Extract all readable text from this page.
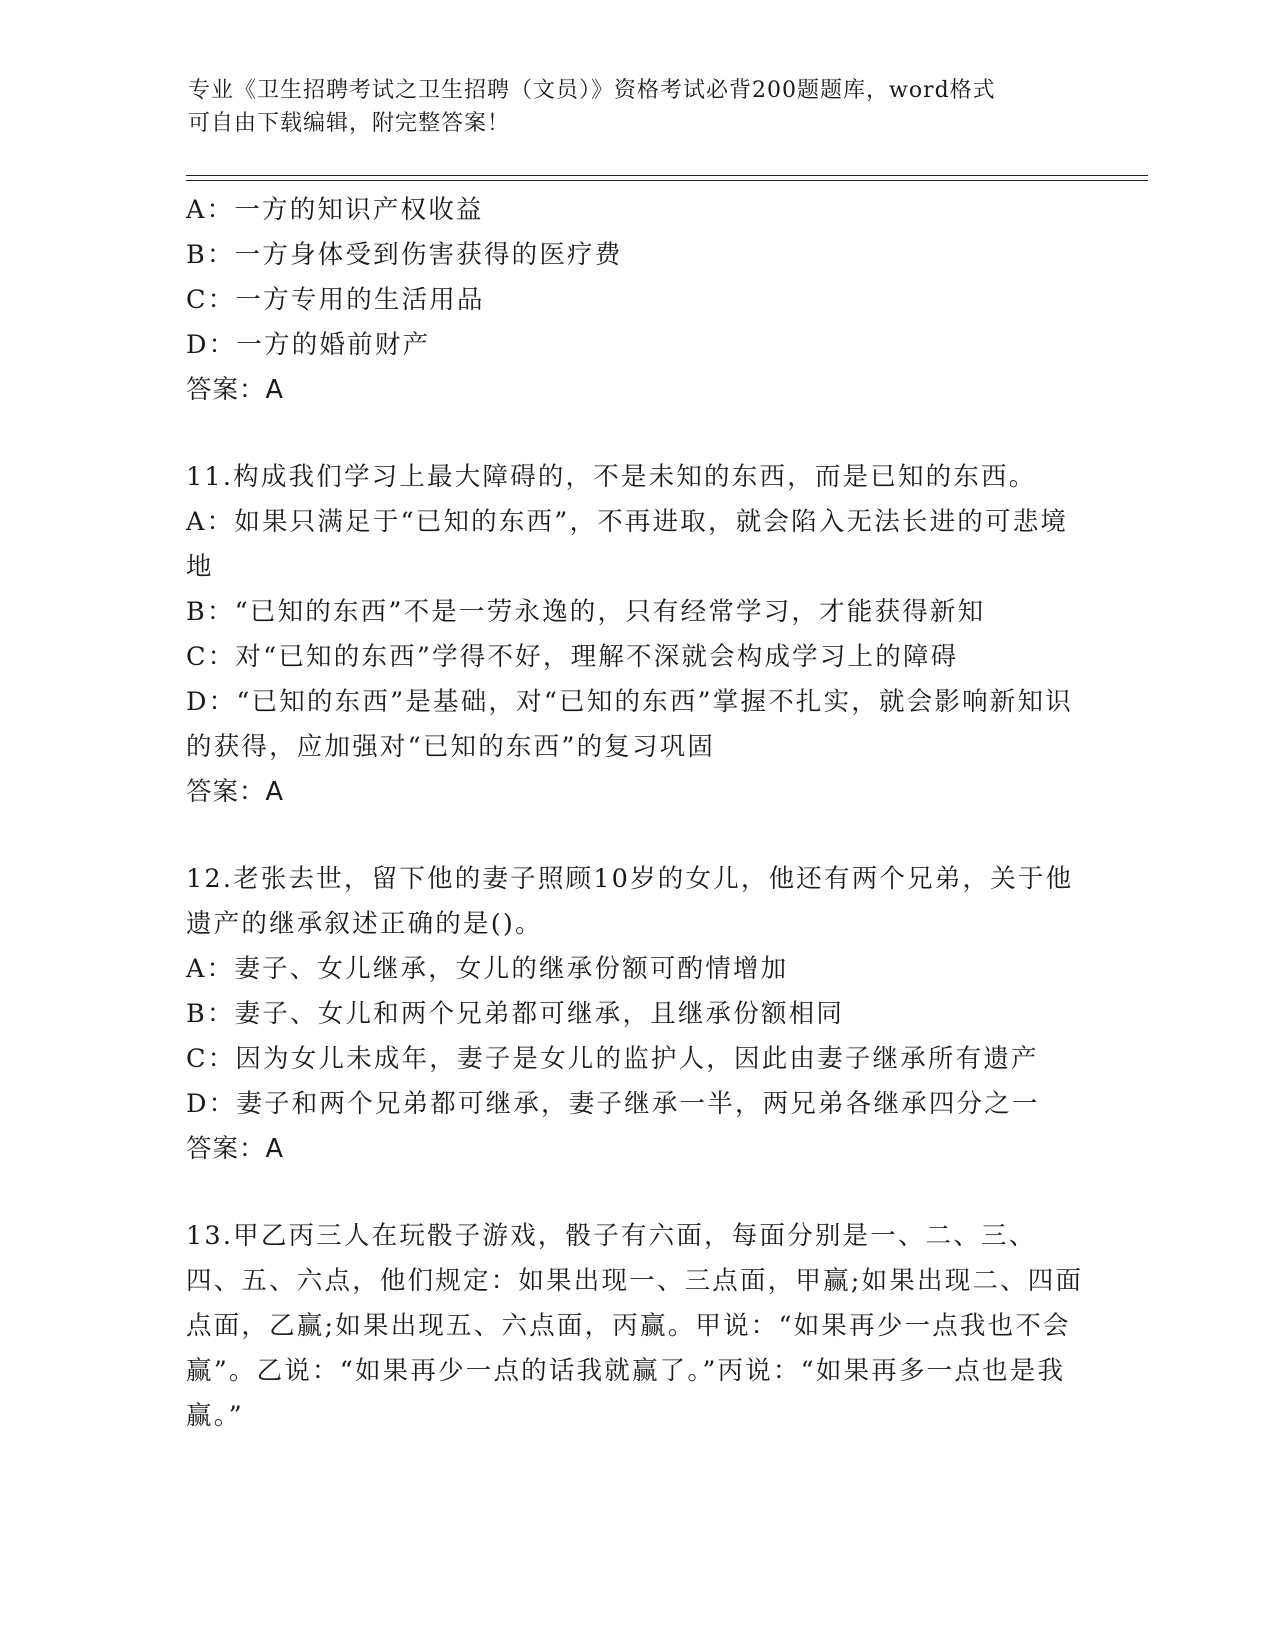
专业《卫生招聘考试之卫生招聘（文员）》资格考试必背200题题库，word格式
可自由下载编辑，附完整答案！
A：一方的知识产权收益
B：一方身体受到伤害获得的医疗费
C：一方专用的生活用品
D：一方的婚前财产
答案：A
11.构成我们学习上最大障碍的，不是未知的东西，而是已知的东西。
A：如果只满足于“已知的东西”，不再进取，就会陷入无法长进的可悲境地
B：“已知的东西”不是一劳永逸的，只有经常学习，才能获得新知
C：对“已知的东西”学得不好，理解不深就会构成学习上的障碍
D：“已知的东西”是基础，对“已知的东西”掌握不扎实，就会影响新知识的获得，应加强对“已知的东西”的复习巩固
答案：A
12.老张去世，留下他的妻子照顾10岁的女儿，他还有两个兄弟，关于他遗产的继承叙述正确的是()。
A：妻子、女儿继承，女儿的继承份额可酌情增加
B：妻子、女儿和两个兄弟都可继承，且继承份额相同
C：因为女儿未成年，妻子是女儿的监护人，因此由妻子继承所有遗产
D：妻子和两个兄弟都可继承，妻子继承一半，两兄弟各继承四分之一
答案：A
13.甲乙丙三人在玩骰子游戏，骰子有六面，每面分别是一、二、三、四、五、六点，他们规定：如果出现一、三点面，甲赢;如果出现二、四面点面，乙赢;如果出现五、六点面，丙赢。甲说：“如果再少一点我也不会赢”。乙说：“如果再少一点的话我就赢了。”丙说：“如果再多一点也是我赢。”
